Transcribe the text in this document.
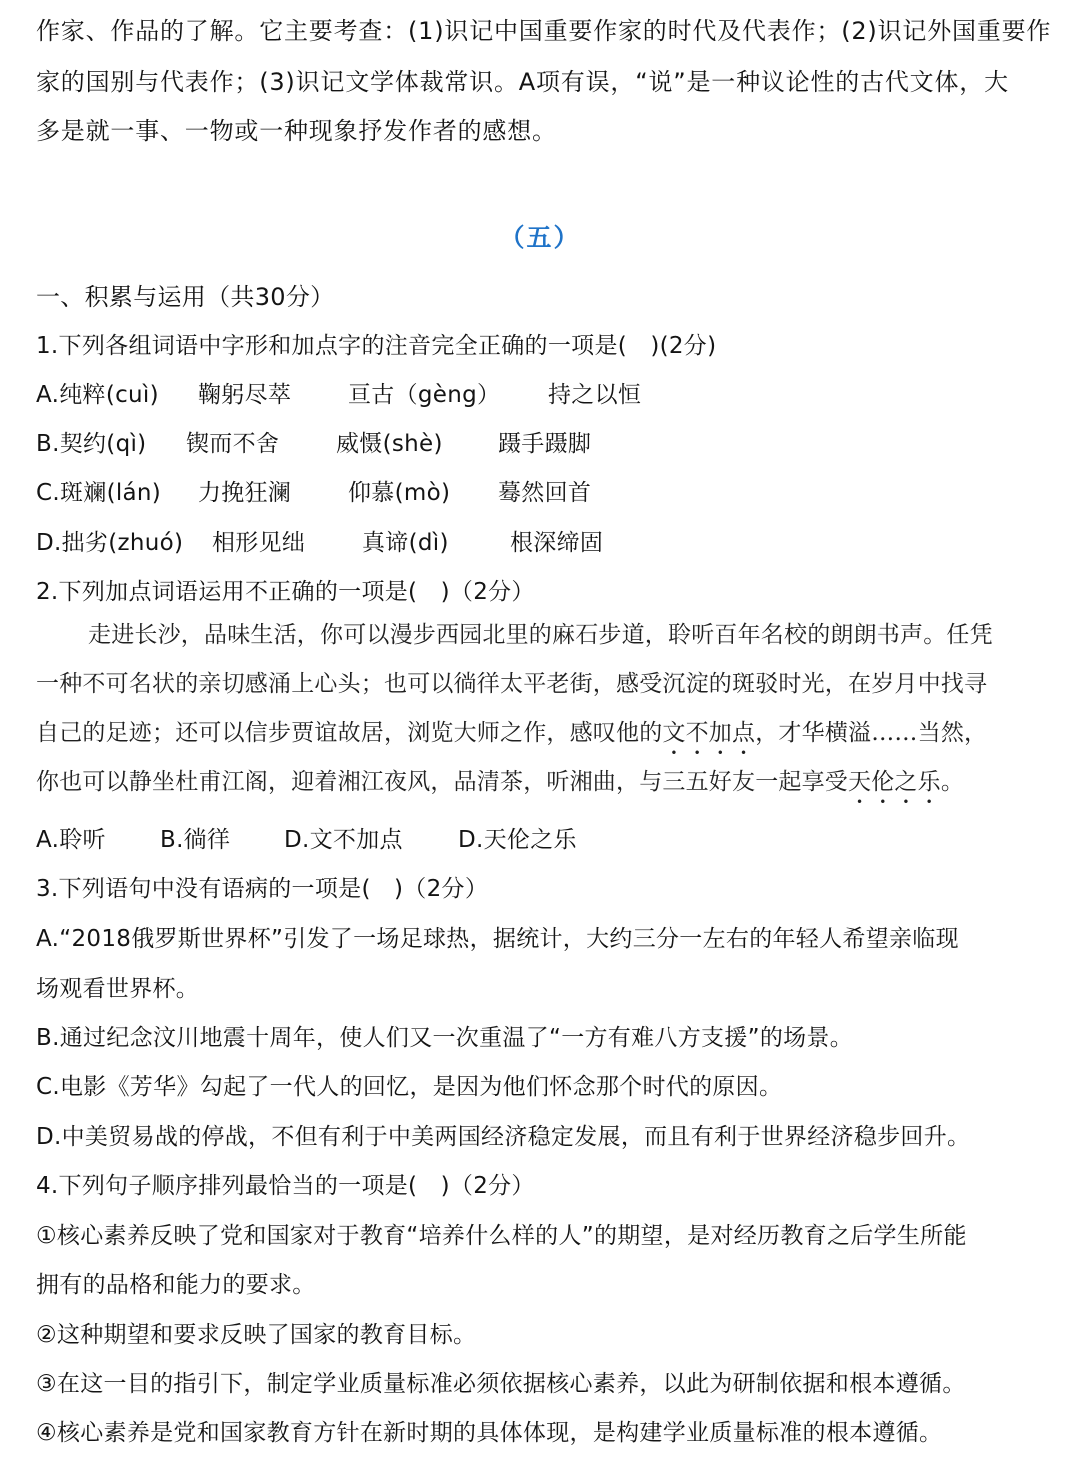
作家、作品的了解。它主要考查：(1)识记中国重要作家的时代及代表作；(2)识记外国重要作
家的国别与代表作；(3)识记文学体裁常识。A项有误，“说”是一种议论性的古代文体，大
多是就一事、一物或一种现象抒发作者的感想。
（五）
一、积累与运用（共30分）
1.下列各组词语中字形和加点字的注音完全正确的一项是(　)(2分)
A.纯粹(cuì) 鞠躬尽萃 亘古（gèng） 持之以恒
B.契约(qì) 锲而不舍 威慑(shè) 蹑手蹑脚
C.斑斓(lán) 力挽狂澜 仰慕(mò) 蓦然回首
D.拙劣(zhuó) 相形见绌 真谛(dì)	根深缔固
2.下列加点词语运用不正确的一项是(　)（2分）
走进长沙，品味生活，你可以漫步西园北里的麻石步道，聆听百年名校的朗朗书声。任凭
一种不可名状的亲切感涌上心头；也可以徜徉太平老街，感受沉淀的斑驳时光，在岁月中找寻
自己的足迹；还可以信步贾谊故居，浏览大师之作，感叹他的文不加点，才华横溢……当然，
你也可以静坐杜甫江阁，迎着湘江夜风，品清茶，听湘曲，与三五好友一起享受天伦之乐。
A.聆听 B.徜徉 D.文不加点 D.天伦之乐
3.下列语句中没有语病的一项是(　)（2分）
A.“2018俄罗斯世界杯”引发了一场足球热，据统计，大约三分一左右的年轻人希望亲临现
场观看世界杯。
B.通过纪念汶川地震十周年，使人们又一次重温了“一方有难八方支援”的场景。
C.电影《芳华》勾起了一代人的回忆，是因为他们怀念那个时代的原因。
D.中美贸易战的停战，不但有利于中美两国经济稳定发展，而且有利于世界经济稳步回升。
4.下列句子顺序排列最恰当的一项是(　)（2分）
①核心素养反映了党和国家对于教育“培养什么样的人”的期望，是对经历教育之后学生所能
拥有的品格和能力的要求。
②这种期望和要求反映了国家的教育目标。
③在这一目的指引下，制定学业质量标准必须依据核心素养，以此为研制依据和根本遵循。
④核心素养是党和国家教育方针在新时期的具体体现，是构建学业质量标准的根本遵循。
